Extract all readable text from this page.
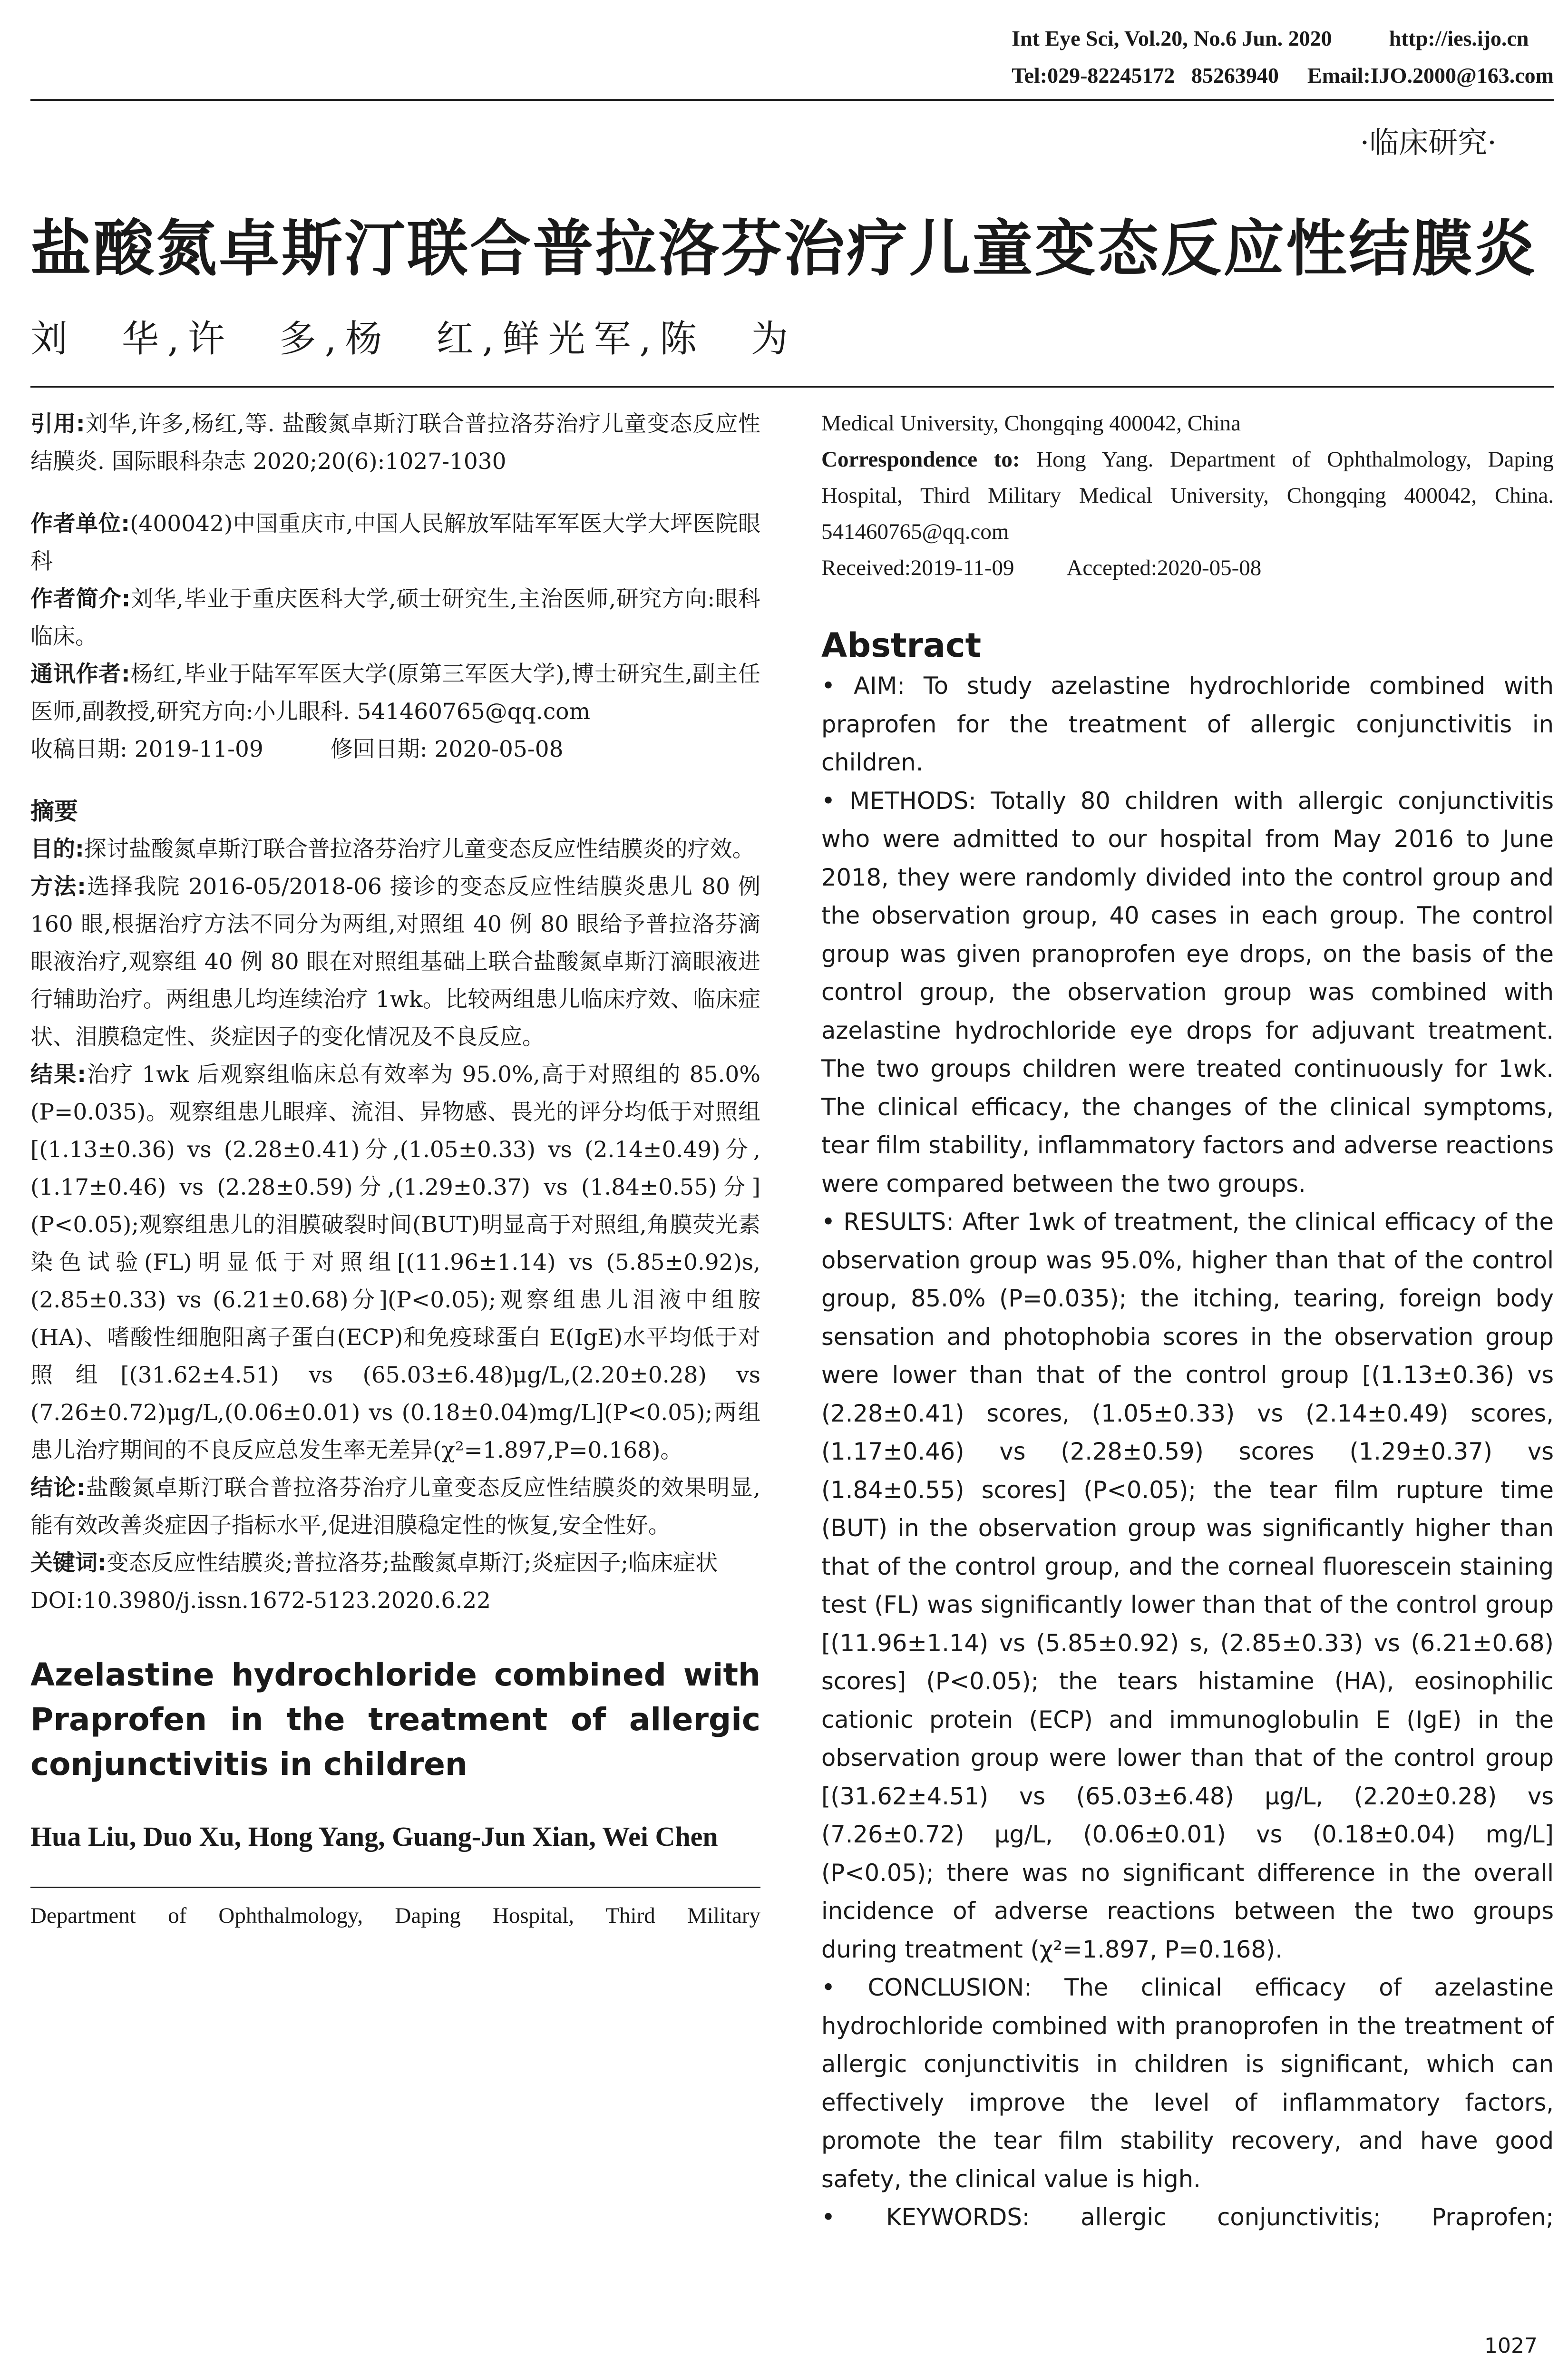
Int Eye Sci, Vol.20, No.6 Jun. 2020	http://ies.ijo.cn
Tel:029-82245172   85263940 Email:IJO.2000@163.com
·临床研究·
盐酸氮卓斯汀联合普拉洛芬治疗儿童变态反应性结膜炎
刘　华,许　多,杨　红,鲜光军,陈　为

引用:刘华,许多,杨红,等. 盐酸氮卓斯汀联合普拉洛芬治疗儿童变态反应性结膜炎. 国际眼科杂志 2020;20(6):1027-1030

作者单位:(400042)中国重庆市,中国人民解放军陆军军医大学大坪医院眼科

作者简介:刘华,毕业于重庆医科大学,硕士研究生,主治医师,研究方向:眼科临床。

通讯作者:杨红,毕业于陆军军医大学(原第三军医大学),博士研究生,副主任医师,副教授,研究方向:小儿眼科. 541460765@qq.com

收稿日期: 2019-11-09　　　修回日期: 2020-05-08

摘要

目的:探讨盐酸氮卓斯汀联合普拉洛芬治疗儿童变态反应性结膜炎的疗效。

方法:选择我院 2016-05/2018-06 接诊的变态反应性结膜炎患儿 80 例 160 眼,根据治疗方法不同分为两组,对照组 40 例 80 眼给予普拉洛芬滴眼液治疗,观察组 40 例 80 眼在对照组基础上联合盐酸氮卓斯汀滴眼液进行辅助治疗。两组患儿均连续治疗 1wk。比较两组患儿临床疗效、临床症状、泪膜稳定性、炎症因子的变化情况及不良反应。

结果:治疗 1wk 后观察组临床总有效率为 95.0%,高于对照组的 85.0%(P=0.035)。观察组患儿眼痒、流泪、异物感、畏光的评分均低于对照组[(1.13±0.36) vs (2.28±0.41)分,(1.05±0.33) vs (2.14±0.49)分,(1.17±0.46) vs (2.28±0.59)分,(1.29±0.37) vs (1.84±0.55)分](P<0.05);观察组患儿的泪膜破裂时间(BUT)明显高于对照组,角膜荧光素染色试验(FL)明显低于对照组[(11.96±1.14) vs (5.85±0.92)s,(2.85±0.33) vs (6.21±0.68)分](P<0.05);观察组患儿泪液中组胺(HA)、嗜酸性细胞阳离子蛋白(ECP)和免疫球蛋白 E(IgE)水平均低于对照组[(31.62±4.51) vs (65.03±6.48)μg/L,(2.20±0.28) vs (7.26±0.72)μg/L,(0.06±0.01) vs (0.18±0.04)mg/L](P<0.05);两组患儿治疗期间的不良反应总发生率无差异(χ²=1.897,P=0.168)。

结论:盐酸氮卓斯汀联合普拉洛芬治疗儿童变态反应性结膜炎的效果明显,能有效改善炎症因子指标水平,促进泪膜稳定性的恢复,安全性好。

关键词:变态反应性结膜炎;普拉洛芬;盐酸氮卓斯汀;炎症因子;临床症状

DOI:10.3980/j.issn.1672-5123.2020.6.22

Azelastine hydrochloride combined with Praprofen in the treatment of allergic conjunctivitis in children

Hua Liu, Duo Xu, Hong Yang, Guang-Jun Xian, Wei Chen

Department of Ophthalmology, Daping Hospital, Third Military

Medical University, Chongqing 400042, China

Correspondence to: Hong Yang. Department of Ophthalmology, Daping Hospital, Third Military Medical University, Chongqing 400042, China. 541460765@qq.com

Received:2019-11-09 Accepted:2020-05-08

Abstract

• AIM: To study azelastine hydrochloride combined with praprofen for the treatment of allergic conjunctivitis in children.

• METHODS: Totally 80 children with allergic conjunctivitis who were admitted to our hospital from May 2016 to June 2018, they were randomly divided into the control group and the observation group, 40 cases in each group. The control group was given pranoprofen eye drops, on the basis of the control group, the observation group was combined with azelastine hydrochloride eye drops for adjuvant treatment. The two groups children were treated continuously for 1wk. The clinical efficacy, the changes of the clinical symptoms, tear film stability, inflammatory factors and adverse reactions were compared between the two groups.

• RESULTS: After 1wk of treatment, the clinical efficacy of the observation group was 95.0%, higher than that of the control group, 85.0% (P=0.035); the itching, tearing, foreign body sensation and photophobia scores in the observation group were lower than that of the control group [(1.13±0.36) vs (2.28±0.41) scores, (1.05±0.33) vs (2.14±0.49) scores, (1.17±0.46) vs (2.28±0.59) scores (1.29±0.37) vs (1.84±0.55) scores] (P<0.05); the tear film rupture time (BUT) in the observation group was significantly higher than that of the control group, and the corneal fluorescein staining test (FL) was significantly lower than that of the control group [(11.96±1.14) vs (5.85±0.92) s, (2.85±0.33) vs (6.21±0.68) scores] (P<0.05); the tears histamine (HA), eosinophilic cationic protein (ECP) and immunoglobulin E (IgE) in the observation group were lower than that of the control group [(31.62±4.51) vs (65.03±6.48) μg/L, (2.20±0.28) vs (7.26±0.72) μg/L, (0.06±0.01) vs (0.18±0.04) mg/L] (P<0.05); there was no significant difference in the overall incidence of adverse reactions between the two groups during treatment (χ²=1.897, P=0.168).

• CONCLUSION: The clinical efficacy of azelastine hydrochloride combined with pranoprofen in the treatment of allergic conjunctivitis in children is significant, which can effectively improve the level of inflammatory factors, promote the tear film stability recovery, and have good safety, the clinical value is high.

• KEYWORDS: allergic conjunctivitis; Praprofen;

1027
